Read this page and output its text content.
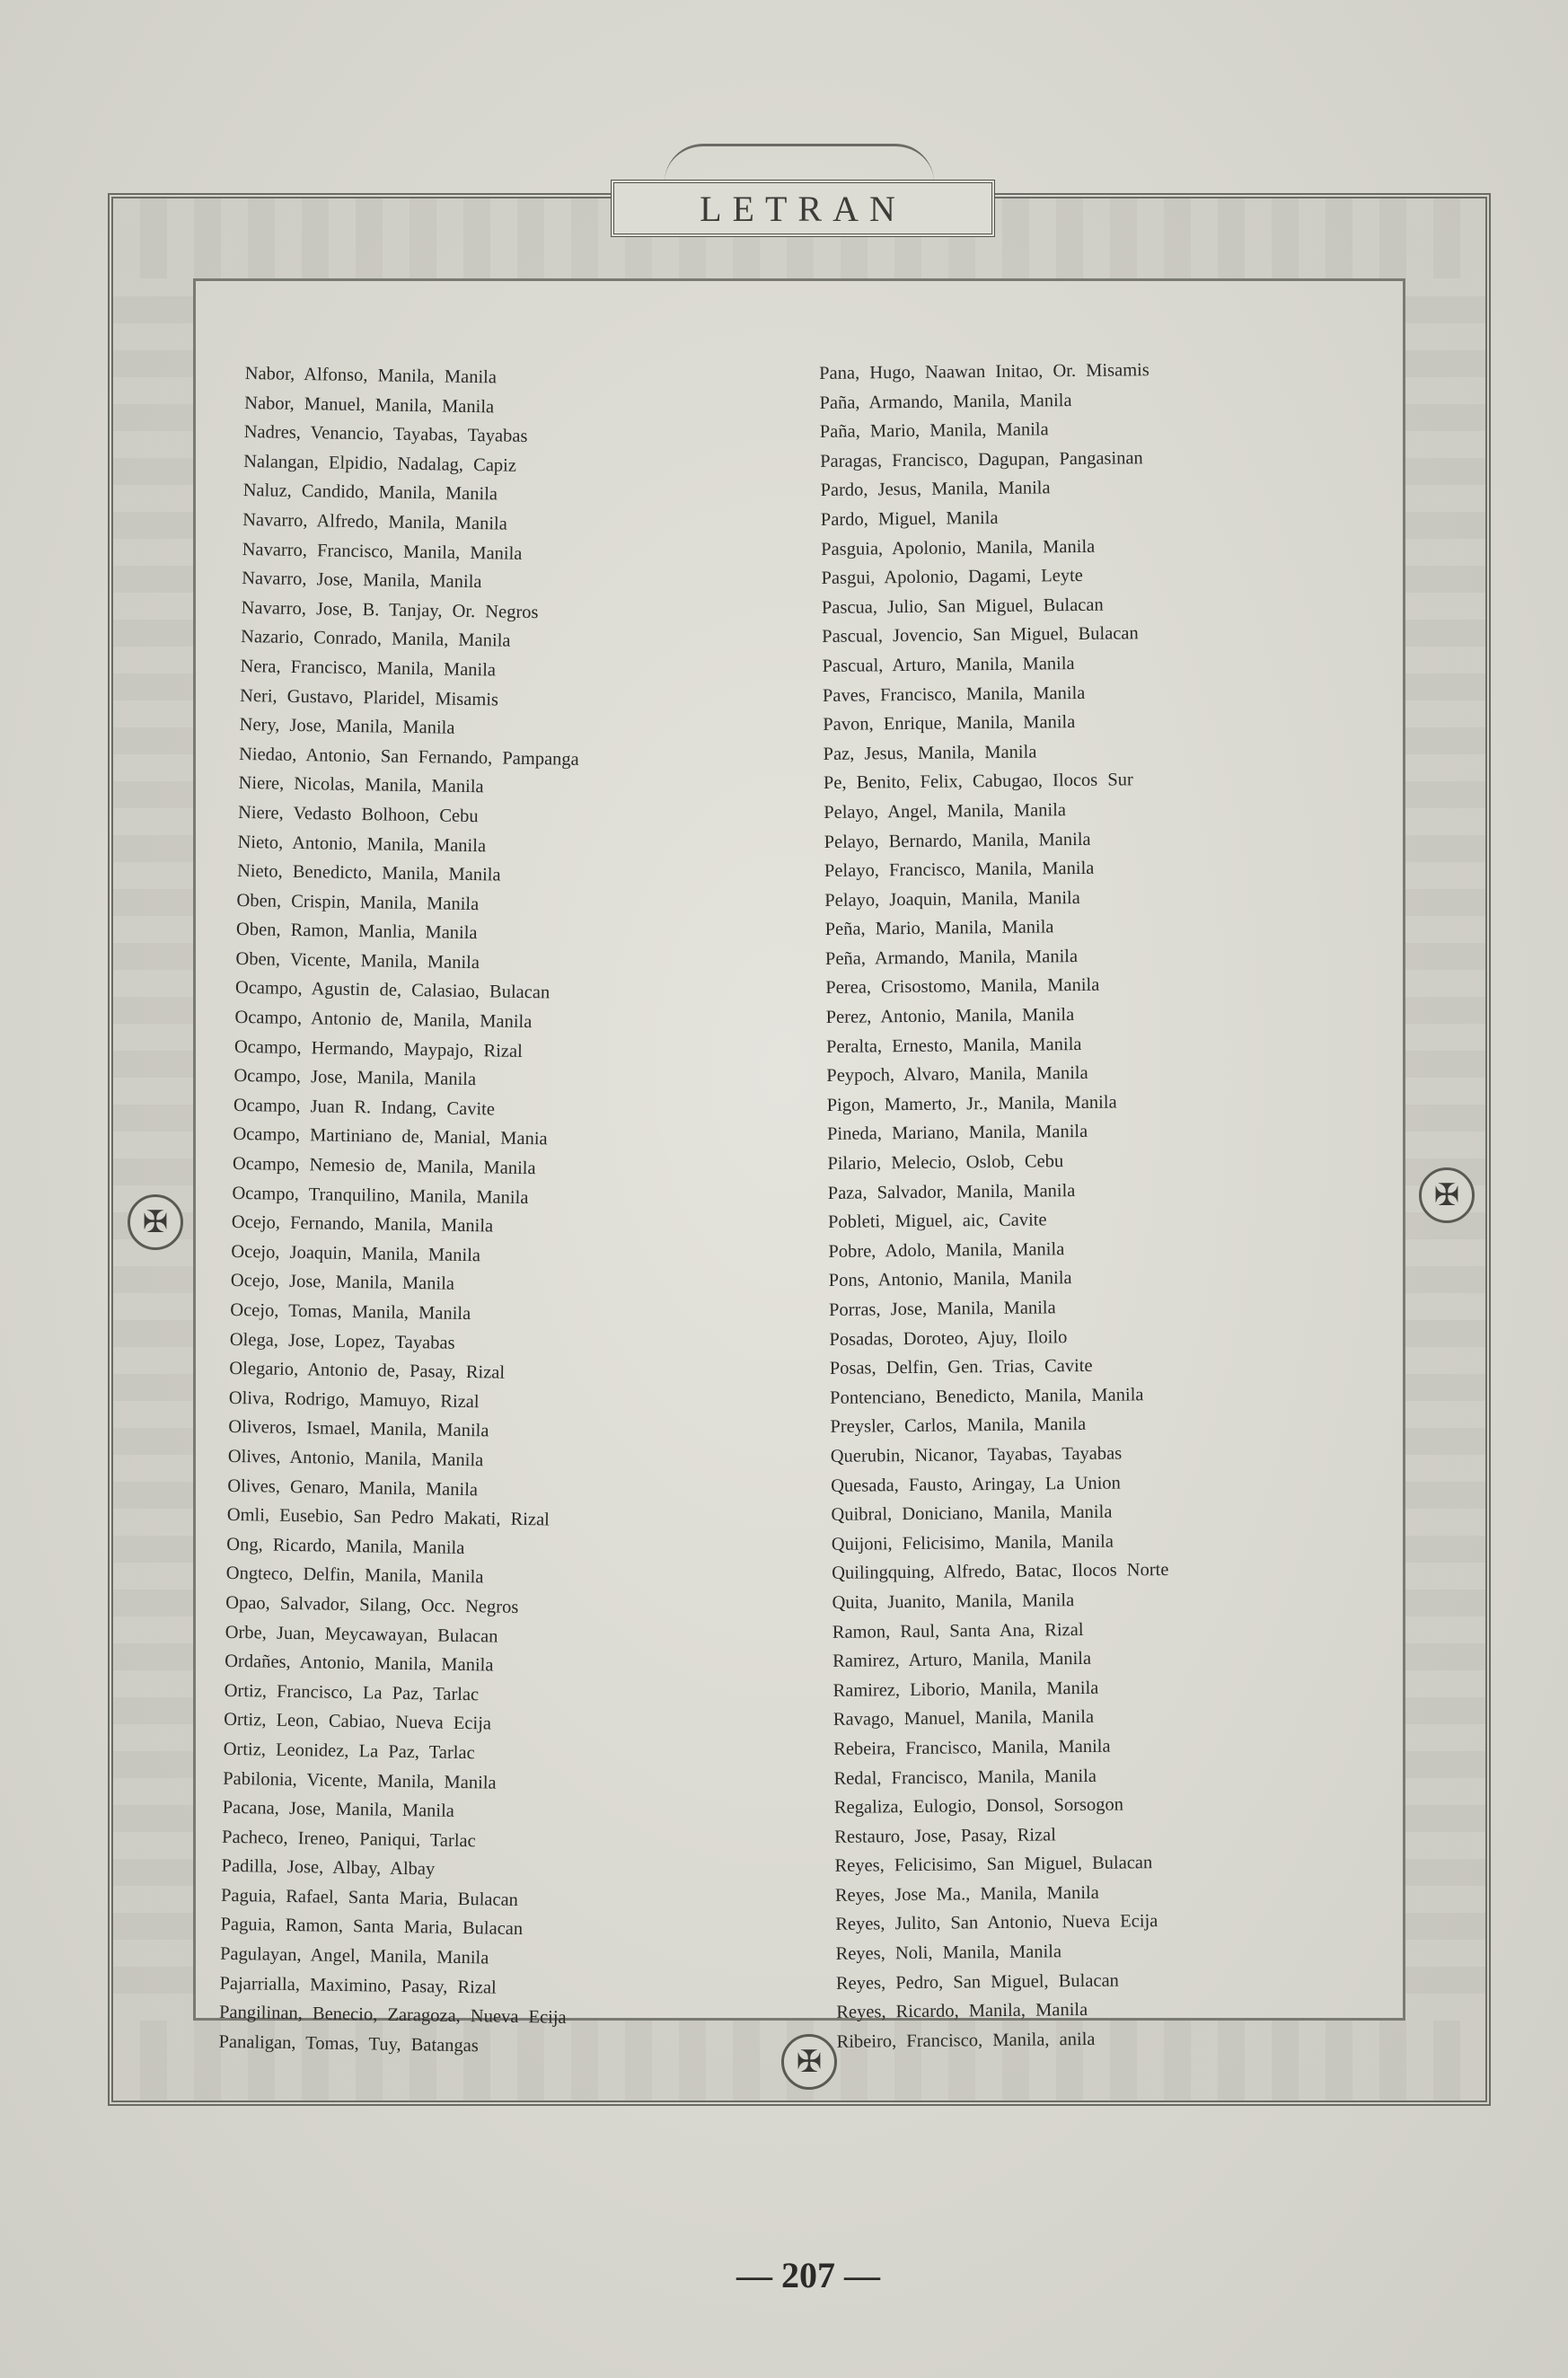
LETRAN
✠
✠
✠
Nabor, Alfonso, Manila, Manila
Nabor, Manuel, Manila, Manila
Nadres, Venancio, Tayabas, Tayabas
Nalangan, Elpidio, Nadalag, Capiz
Naluz, Candido, Manila, Manila
Navarro, Alfredo, Manila, Manila
Navarro, Francisco, Manila, Manila
Navarro, Jose, Manila, Manila
Navarro, Jose, B. Tanjay, Or. Negros
Nazario, Conrado, Manila, Manila
Nera, Francisco, Manila, Manila
Neri, Gustavo, Plaridel, Misamis
Nery, Jose, Manila, Manila
Niedao, Antonio, San Fernando, Pampanga
Niere, Nicolas, Manila, Manila
Niere, Vedasto Bolhoon, Cebu
Nieto, Antonio, Manila, Manila
Nieto, Benedicto, Manila, Manila
Oben, Crispin, Manila, Manila
Oben, Ramon, Manlia, Manila
Oben, Vicente, Manila, Manila
Ocampo, Agustin de, Calasiao, Bulacan
Ocampo, Antonio de, Manila, Manila
Ocampo, Hermando, Maypajo, Rizal
Ocampo, Jose, Manila, Manila
Ocampo, Juan R. Indang, Cavite
Ocampo, Martiniano de, Manial, Mania
Ocampo, Nemesio de, Manila, Manila
Ocampo, Tranquilino, Manila, Manila
Ocejo, Fernando, Manila, Manila
Ocejo, Joaquin, Manila, Manila
Ocejo, Jose, Manila, Manila
Ocejo, Tomas, Manila, Manila
Olega, Jose, Lopez, Tayabas
Olegario, Antonio de, Pasay, Rizal
Oliva, Rodrigo, Mamuyo, Rizal
Oliveros, Ismael, Manila, Manila
Olives, Antonio, Manila, Manila
Olives, Genaro, Manila, Manila
Omli, Eusebio, San Pedro Makati, Rizal
Ong, Ricardo, Manila, Manila
Ongteco, Delfin, Manila, Manila
Opao, Salvador, Silang, Occ. Negros
Orbe, Juan, Meycawayan, Bulacan
Ordañes, Antonio, Manila, Manila
Ortiz, Francisco, La Paz, Tarlac
Ortiz, Leon, Cabiao, Nueva Ecija
Ortiz, Leonidez, La Paz, Tarlac
Pabilonia, Vicente, Manila, Manila
Pacana, Jose, Manila, Manila
Pacheco, Ireneo, Paniqui, Tarlac
Padilla, Jose, Albay, Albay
Paguia, Rafael, Santa Maria, Bulacan
Paguia, Ramon, Santa Maria, Bulacan
Pagulayan, Angel, Manila, Manila
Pajarrialla, Maximino, Pasay, Rizal
Pangilinan, Benecio, Zaragoza, Nueva Ecija
Panaligan, Tomas, Tuy, Batangas
Pana, Hugo, Naawan Initao, Or. Misamis
Paña, Armando, Manila, Manila
Paña, Mario, Manila, Manila
Paragas, Francisco, Dagupan, Pangasinan
Pardo, Jesus, Manila, Manila
Pardo, Miguel, Manila
Pasguia, Apolonio, Manila, Manila
Pasgui, Apolonio, Dagami, Leyte
Pascua, Julio, San Miguel, Bulacan
Pascual, Jovencio, San Miguel, Bulacan
Pascual, Arturo, Manila, Manila
Paves, Francisco, Manila, Manila
Pavon, Enrique, Manila, Manila
Paz, Jesus, Manila, Manila
Pe, Benito, Felix, Cabugao, Ilocos Sur
Pelayo, Angel, Manila, Manila
Pelayo, Bernardo, Manila, Manila
Pelayo, Francisco, Manila, Manila
Pelayo, Joaquin, Manila, Manila
Peña, Mario, Manila, Manila
Peña, Armando, Manila, Manila
Perea, Crisostomo, Manila, Manila
Perez, Antonio, Manila, Manila
Peralta, Ernesto, Manila, Manila
Peypoch, Alvaro, Manila, Manila
Pigon, Mamerto, Jr., Manila, Manila
Pineda, Mariano, Manila, Manila
Pilario, Melecio, Oslob, Cebu
Paza, Salvador, Manila, Manila
Pobleti, Miguel, aic, Cavite
Pobre, Adolo, Manila, Manila
Pons, Antonio, Manila, Manila
Porras, Jose, Manila, Manila
Posadas, Doroteo, Ajuy, Iloilo
Posas, Delfin, Gen. Trias, Cavite
Pontenciano, Benedicto, Manila, Manila
Preysler, Carlos, Manila, Manila
Querubin, Nicanor, Tayabas, Tayabas
Quesada, Fausto, Aringay, La Union
Quibral, Doniciano, Manila, Manila
Quijoni, Felicisimo, Manila, Manila
Quilingquing, Alfredo, Batac, Ilocos Norte
Quita, Juanito, Manila, Manila
Ramon, Raul, Santa Ana, Rizal
Ramirez, Arturo, Manila, Manila
Ramirez, Liborio, Manila, Manila
Ravago, Manuel, Manila, Manila
Rebeira, Francisco, Manila, Manila
Redal, Francisco, Manila, Manila
Regaliza, Eulogio, Donsol, Sorsogon
Restauro, Jose, Pasay, Rizal
Reyes, Felicisimo, San Miguel, Bulacan
Reyes, Jose Ma., Manila, Manila
Reyes, Julito, San Antonio, Nueva Ecija
Reyes, Noli, Manila, Manila
Reyes, Pedro, San Miguel, Bulacan
Reyes, Ricardo, Manila, Manila
Ribeiro, Francisco, Manila, anila
— 207 —
